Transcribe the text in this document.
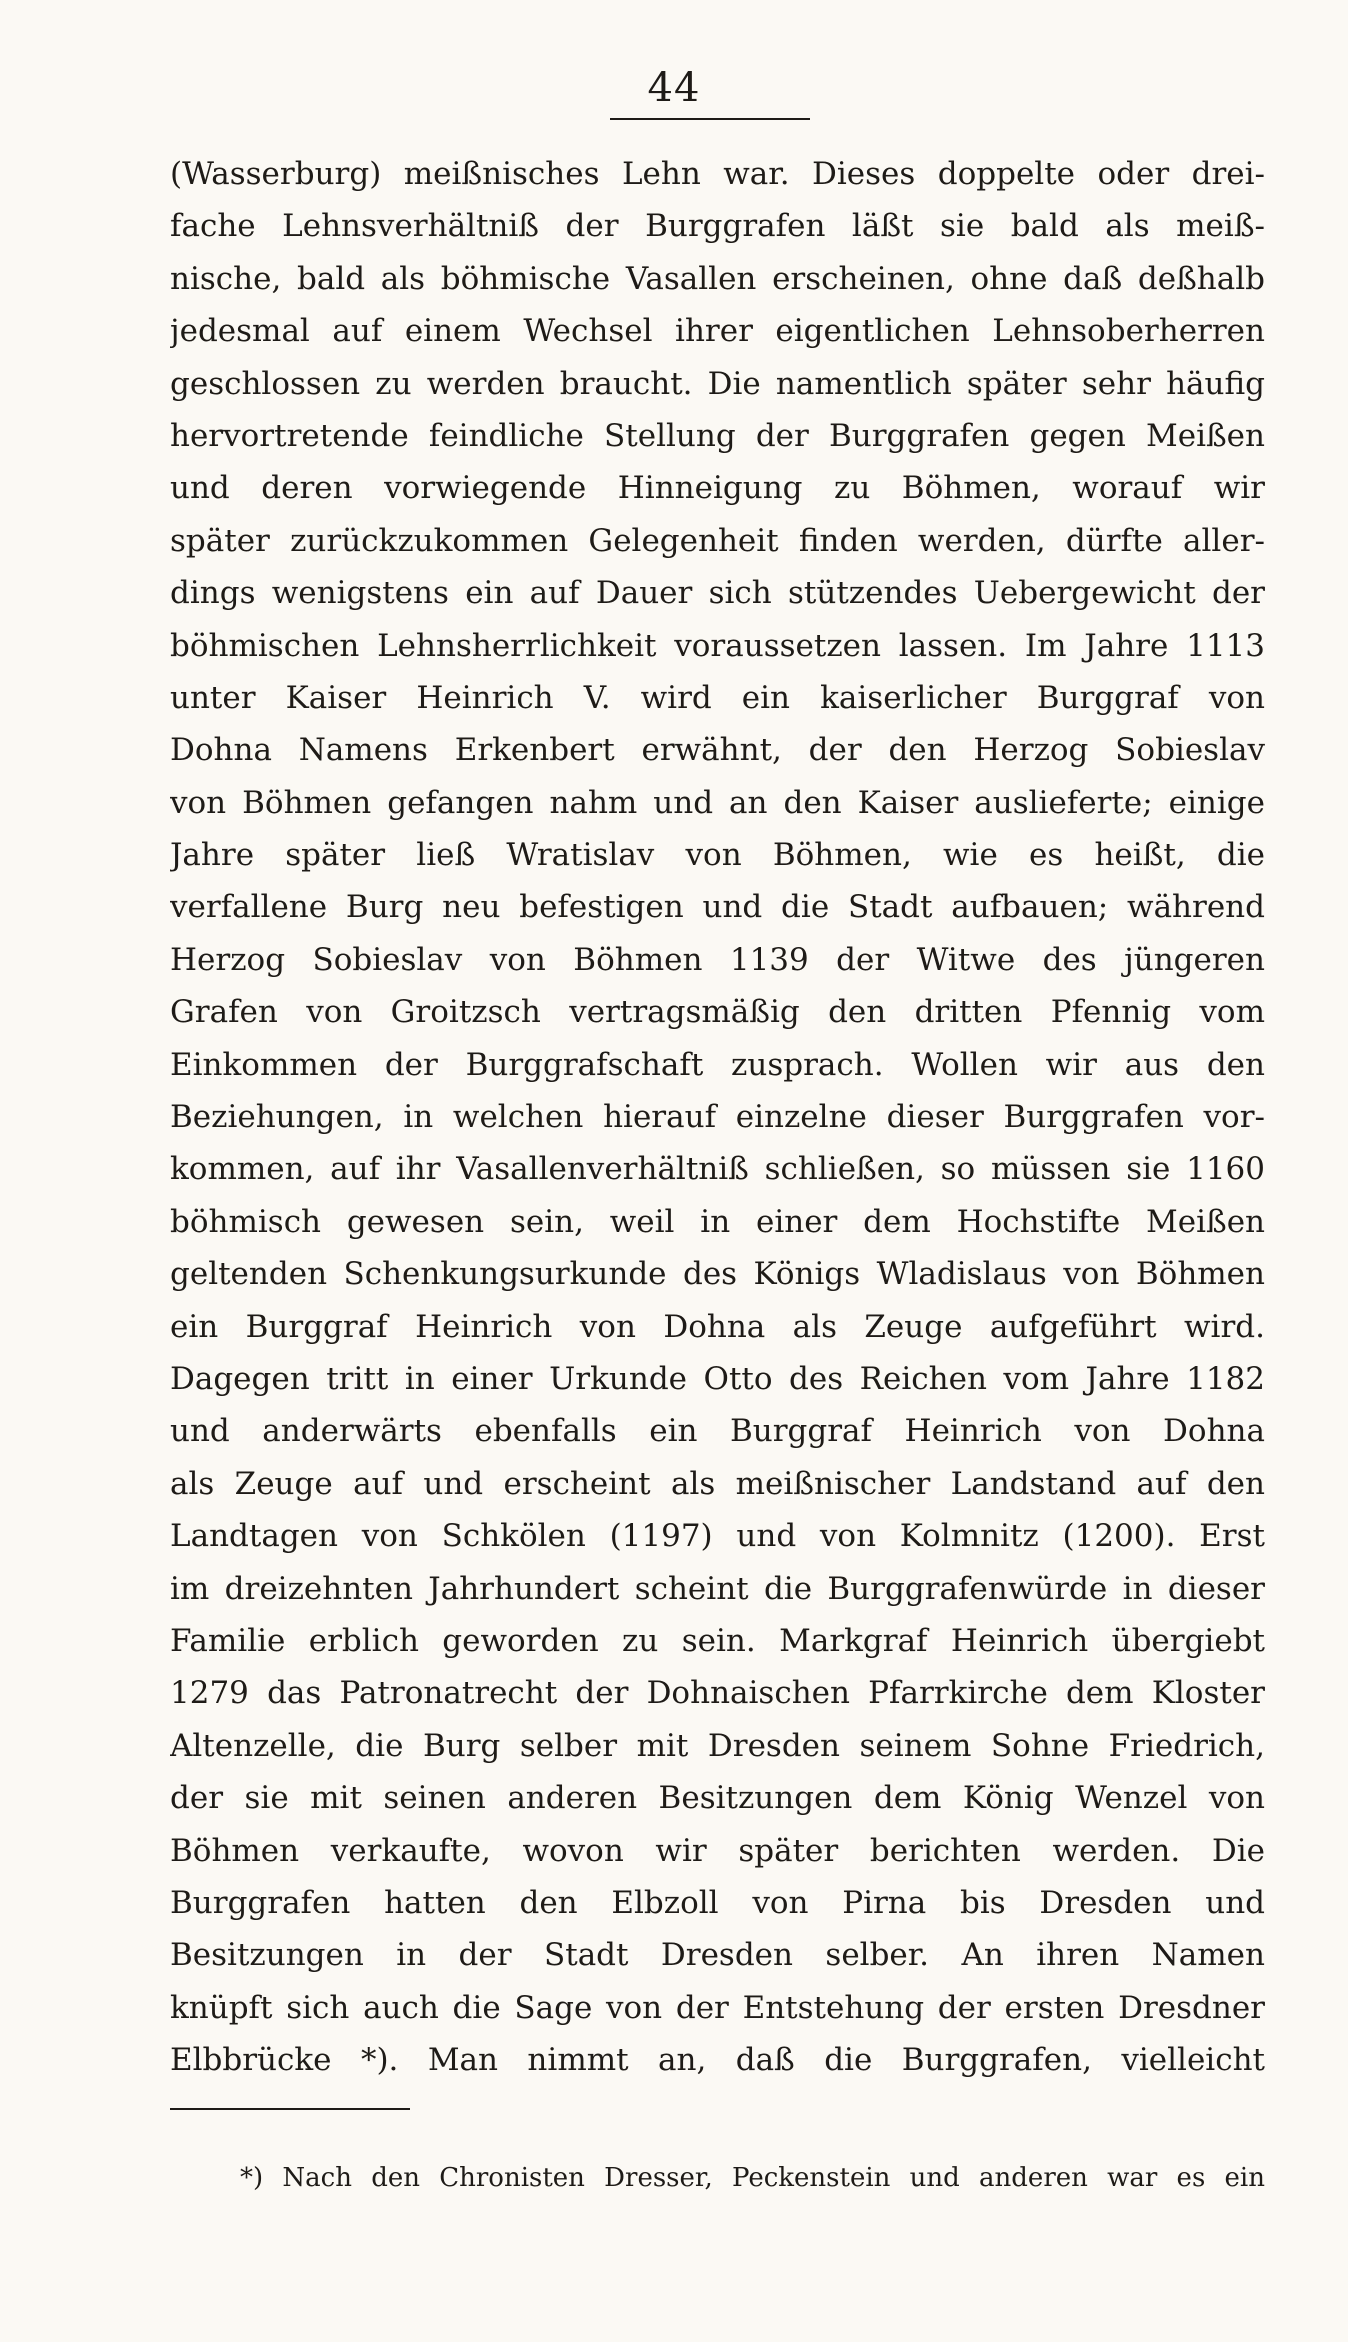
44
(Wasserburg) meißnisches Lehn war. Dieses doppelte oder drei-
fache Lehnsverhältniß der Burggrafen läßt sie bald als meiß-
nische, bald als böhmische Vasallen erscheinen, ohne daß deßhalb
jedesmal auf einem Wechsel ihrer eigentlichen Lehnsoberherren
geschlossen zu werden braucht. Die namentlich später sehr häufig
hervortretende feindliche Stellung der Burggrafen gegen Meißen
und deren vorwiegende Hinneigung zu Böhmen, worauf wir
später zurückzukommen Gelegenheit finden werden, dürfte aller-
dings wenigstens ein auf Dauer sich stützendes Uebergewicht der
böhmischen Lehnsherrlichkeit voraussetzen lassen. Im Jahre 1113
unter Kaiser Heinrich V. wird ein kaiserlicher Burggraf von
Dohna Namens Erkenbert erwähnt, der den Herzog Sobieslav
von Böhmen gefangen nahm und an den Kaiser auslieferte; einige
Jahre später ließ Wratislav von Böhmen, wie es heißt, die
verfallene Burg neu befestigen und die Stadt aufbauen; während
Herzog Sobieslav von Böhmen 1139 der Witwe des jüngeren
Grafen von Groitzsch vertragsmäßig den dritten Pfennig vom
Einkommen der Burggrafschaft zusprach. Wollen wir aus den
Beziehungen, in welchen hierauf einzelne dieser Burggrafen vor-
kommen, auf ihr Vasallenverhältniß schließen, so müssen sie 1160
böhmisch gewesen sein, weil in einer dem Hochstifte Meißen
geltenden Schenkungsurkunde des Königs Wladislaus von Böhmen
ein Burggraf Heinrich von Dohna als Zeuge aufgeführt wird.
Dagegen tritt in einer Urkunde Otto des Reichen vom Jahre 1182
und anderwärts ebenfalls ein Burggraf Heinrich von Dohna
als Zeuge auf und erscheint als meißnischer Landstand auf den
Landtagen von Schkölen (1197) und von Kolmnitz (1200). Erst
im dreizehnten Jahrhundert scheint die Burggrafenwürde in dieser
Familie erblich geworden zu sein. Markgraf Heinrich übergiebt
1279 das Patronatrecht der Dohnaischen Pfarrkirche dem Kloster
Altenzelle, die Burg selber mit Dresden seinem Sohne Friedrich,
der sie mit seinen anderen Besitzungen dem König Wenzel von
Böhmen verkaufte, wovon wir später berichten werden. Die
Burggrafen hatten den Elbzoll von Pirna bis Dresden und
Besitzungen in der Stadt Dresden selber. An ihren Namen
knüpft sich auch die Sage von der Entstehung der ersten Dresdner
Elbbrücke *). Man nimmt an, daß die Burggrafen, vielleicht
*) Nach den Chronisten Dresser, Peckenstein und anderen war es ein
